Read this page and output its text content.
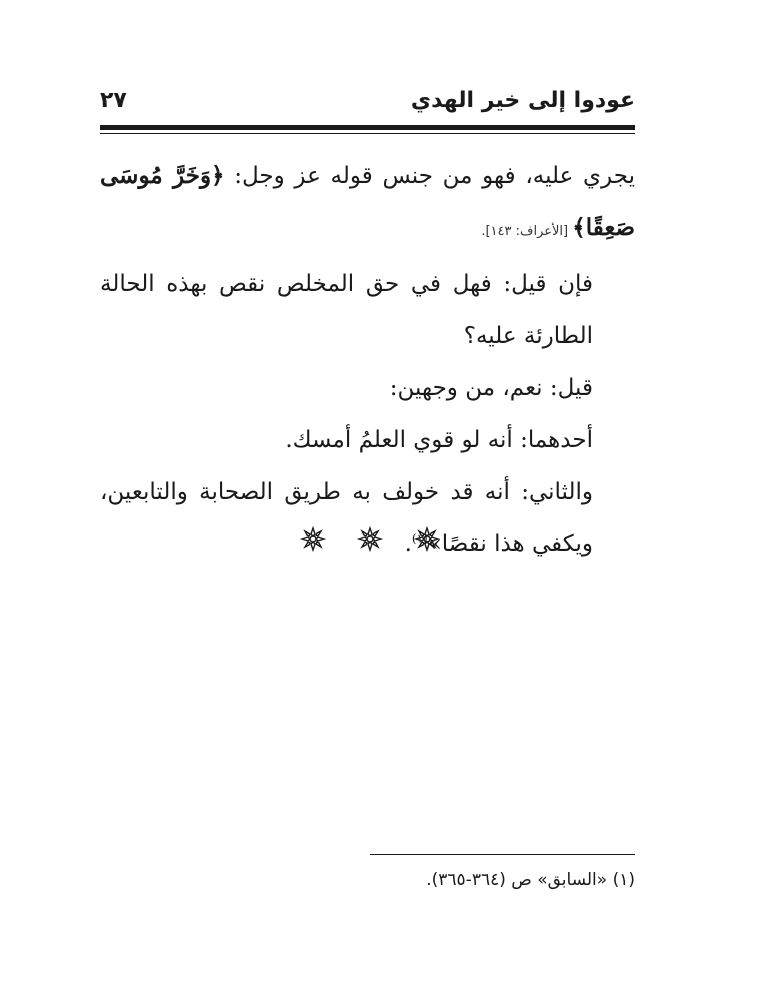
عودوا إلى خير الهدي
٢٧

يجري عليه، فهو من جنس قوله عز وجل: ﴿وَخَرَّ مُوسَى صَعِقًا﴾ [الأعراف: ١٤٣].

فإن قيل: فهل في حق المخلص نقص بهذه الحالة الطارئة عليه؟

قيل: نعم، من وجهين:

أحدهما: أنه لو قوي العلمُ أمسك.

والثاني: أنه قد خولف به طريق الصحابة والتابعين، ويكفي هذا نقصًا»$^{(١)}$.

(١) «السابق» ص (٣٦٤-٣٦٥).
